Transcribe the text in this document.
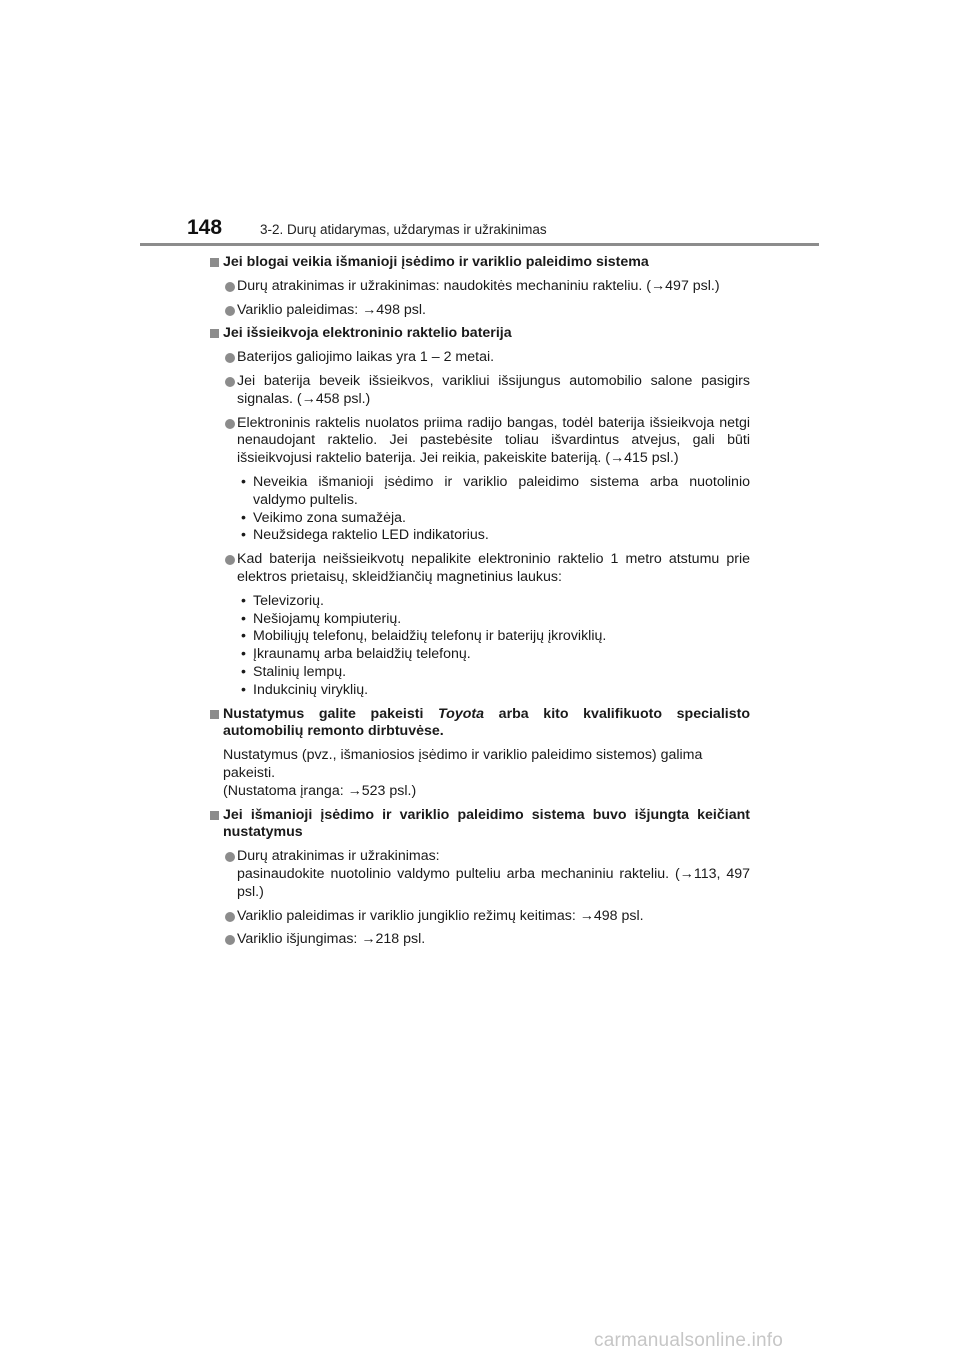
148	3-2. Durų atidarymas, uždarymas ir užrakinimas
Jei blogai veikia išmanioji įsėdimo ir variklio paleidimo sistema
Durų atrakinimas ir užrakinimas: naudokitės mechaniniu rakteliu. (→497 psl.)
Variklio paleidimas: →498 psl.
Jei išsieikvoja elektroninio raktelio baterija
Baterijos galiojimo laikas yra 1 – 2 metai.
Jei baterija beveik išsieikvos, varikliui išsijungus automobilio salone pasigirs signalas. (→458 psl.)
Elektroninis raktelis nuolatos priima radijo bangas, todėl baterija išsieikvoja netgi nenaudojant raktelio. Jei pastebėsite toliau išvardintus atvejus, gali būti išsieikvojusi raktelio baterija. Jei reikia, pakeiskite bateriją. (→415 psl.)
• Neveikia išmanioji įsėdimo ir variklio paleidimo sistema arba nuotolinio valdymo pultelis.
• Veikimo zona sumažėja.
• Neužsidega raktelio LED indikatorius.
Kad baterija neišsieikvotų nepalikite elektroninio raktelio 1 metro atstumu prie elektros prietaisų, skleidžiančių magnetinius laukus:
• Televizorių.
• Nešiojamų kompiuterių.
• Mobiliųjų telefonų, belaidžių telefonų ir baterijų įkroviklių.
• Įkraunamų arba belaidžių telefonų.
• Stalinių lempų.
• Indukcinių viryklių.
Nustatymus galite pakeisti Toyota arba kito kvalifikuoto specialisto automobilių remonto dirbtuvėse.
Nustatymus (pvz., išmaniosios įsėdimo ir variklio paleidimo sistemos) galima pakeisti.
(Nustatoma įranga: →523 psl.)
Jei išmanioji įsėdimo ir variklio paleidimo sistema buvo išjungta keičiant nustatymus
Durų atrakinimas ir užrakinimas:
pasinaudokite nuotolinio valdymo pulteliu arba mechaniniu rakteliu. (→113, 497 psl.)
Variklio paleidimas ir variklio jungiklio režimų keitimas: →498 psl.
Variklio išjungimas: →218 psl.
carmanualsonline.info
